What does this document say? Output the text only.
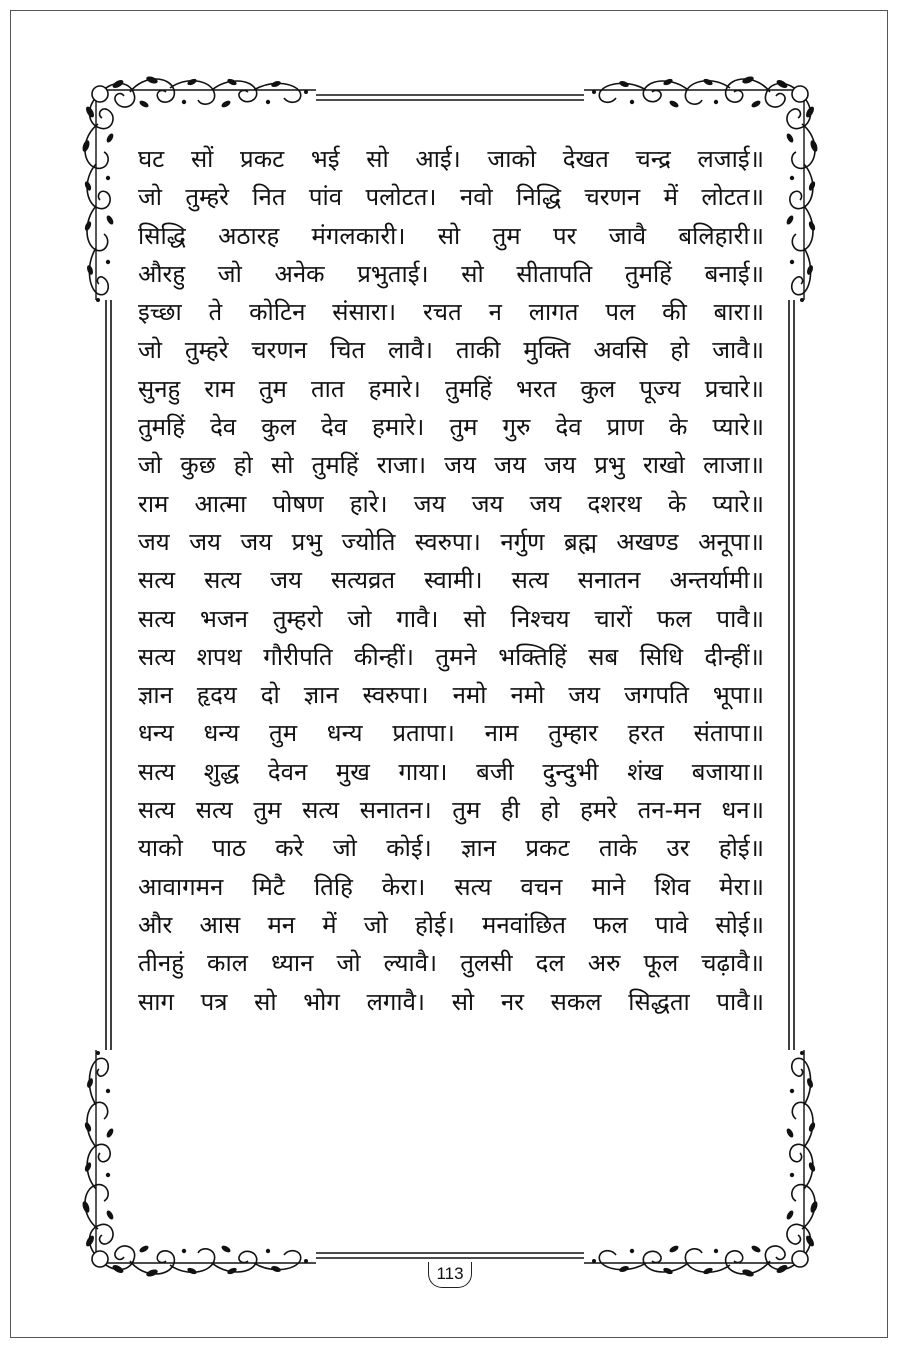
घट सों प्रकट भई सो आई। जाको देखत चन्द्र लजाई॥
जो तुम्हरे नित पांव पलोटत। नवो निद्धि चरणन में लोटत॥
सिद्धि अठारह मंगलकारी। सो तुम पर जावै बलिहारी॥
औरहु जो अनेक प्रभुताई। सो सीतापति तुमहिं बनाई॥
इच्छा ते कोटिन संसारा। रचत न लागत पल की बारा॥
जो तुम्हरे चरणन चित लावै। ताकी मुक्ति अवसि हो जावै॥
सुनहु राम तुम तात हमारे। तुमहिं भरत कुल पूज्य प्रचारे॥
तुमहिं देव कुल देव हमारे। तुम गुरु देव प्राण के प्यारे॥
जो कुछ हो सो तुमहिं राजा। जय जय जय प्रभु राखो लाजा॥
राम आत्मा पोषण हारे। जय जय जय दशरथ के प्यारे॥
जय जय जय प्रभु ज्योति स्वरुपा। नर्गुण ब्रह्म अखण्ड अनूपा॥
सत्य सत्य जय सत्यव्रत स्वामी। सत्य सनातन अन्तर्यामी॥
सत्य भजन तुम्हरो जो गावै। सो निश्चय चारों फल पावै॥
सत्य शपथ गौरीपति कीन्हीं। तुमने भक्तिहिं सब सिधि दीन्हीं॥
ज्ञान हृदय दो ज्ञान स्वरुपा। नमो नमो जय जगपति भूपा॥
धन्य धन्य तुम धन्य प्रतापा। नाम तुम्हार हरत संतापा॥
सत्य शुद्ध देवन मुख गाया। बजी दुन्दुभी शंख बजाया॥
सत्य सत्य तुम सत्य सनातन। तुम ही हो हमरे तन-मन धन॥
याको पाठ करे जो कोई। ज्ञान प्रकट ताके उर होई॥
आवागमन मिटै तिहि केरा। सत्य वचन माने शिव मेरा॥
और आस मन में जो होई। मनवांछित फल पावे सोई॥
तीनहुं काल ध्यान जो ल्यावै। तुलसी दल अरु फूल चढ़ावै॥
साग पत्र सो भोग लगावै। सो नर सकल सिद्धता पावै॥
113
